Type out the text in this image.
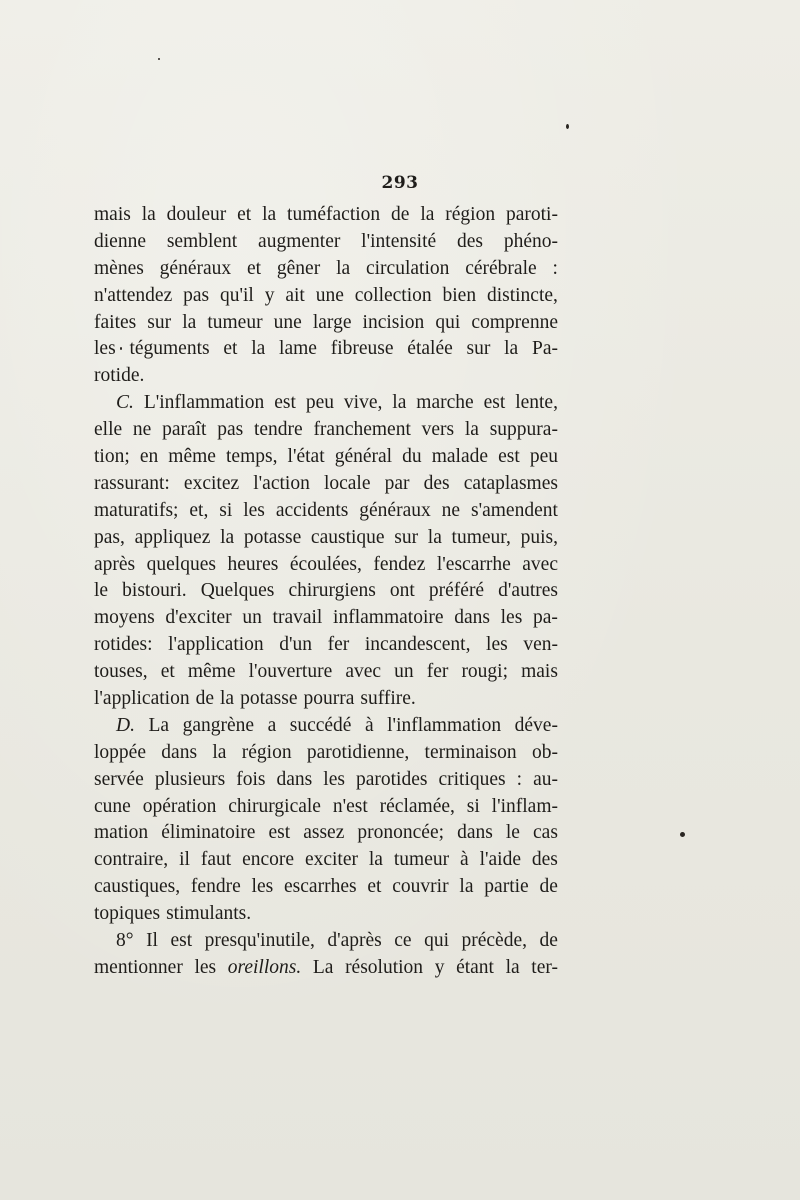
293
mais la douleur et la tuméfaction de la région paroti-
dienne semblent augmenter l'intensité des phéno-
mènes généraux et gêner la circulation cérébrale :
n'attendez pas qu'il y ait une collection bien distincte,
faites sur la tumeur une large incision qui comprenne
les téguments et la lame fibreuse étalée sur la Pa-
rotide.
C. L'inflammation est peu vive, la marche est lente,
elle ne paraît pas tendre franchement vers la suppura-
tion; en même temps, l'état général du malade est peu
rassurant: excitez l'action locale par des cataplasmes
maturatifs; et, si les accidents généraux ne s'amendent
pas, appliquez la potasse caustique sur la tumeur, puis,
après quelques heures écoulées, fendez l'escarrhe avec
le bistouri. Quelques chirurgiens ont préféré d'autres
moyens d'exciter un travail inflammatoire dans les pa-
rotides: l'application d'un fer incandescent, les ven-
touses, et même l'ouverture avec un fer rougi; mais
l'application de la potasse pourra suffire.
D. La gangrène a succédé à l'inflammation déve-
loppée dans la région parotidienne, terminaison ob-
servée plusieurs fois dans les parotides critiques : au-
cune opération chirurgicale n'est réclamée, si l'inflam-
mation éliminatoire est assez prononcée; dans le cas
contraire, il faut encore exciter la tumeur à l'aide des
caustiques, fendre les escarrhes et couvrir la partie de
topiques stimulants.
8° Il est presqu'inutile, d'après ce qui précède, de
mentionner les oreillons. La résolution y étant la ter-
